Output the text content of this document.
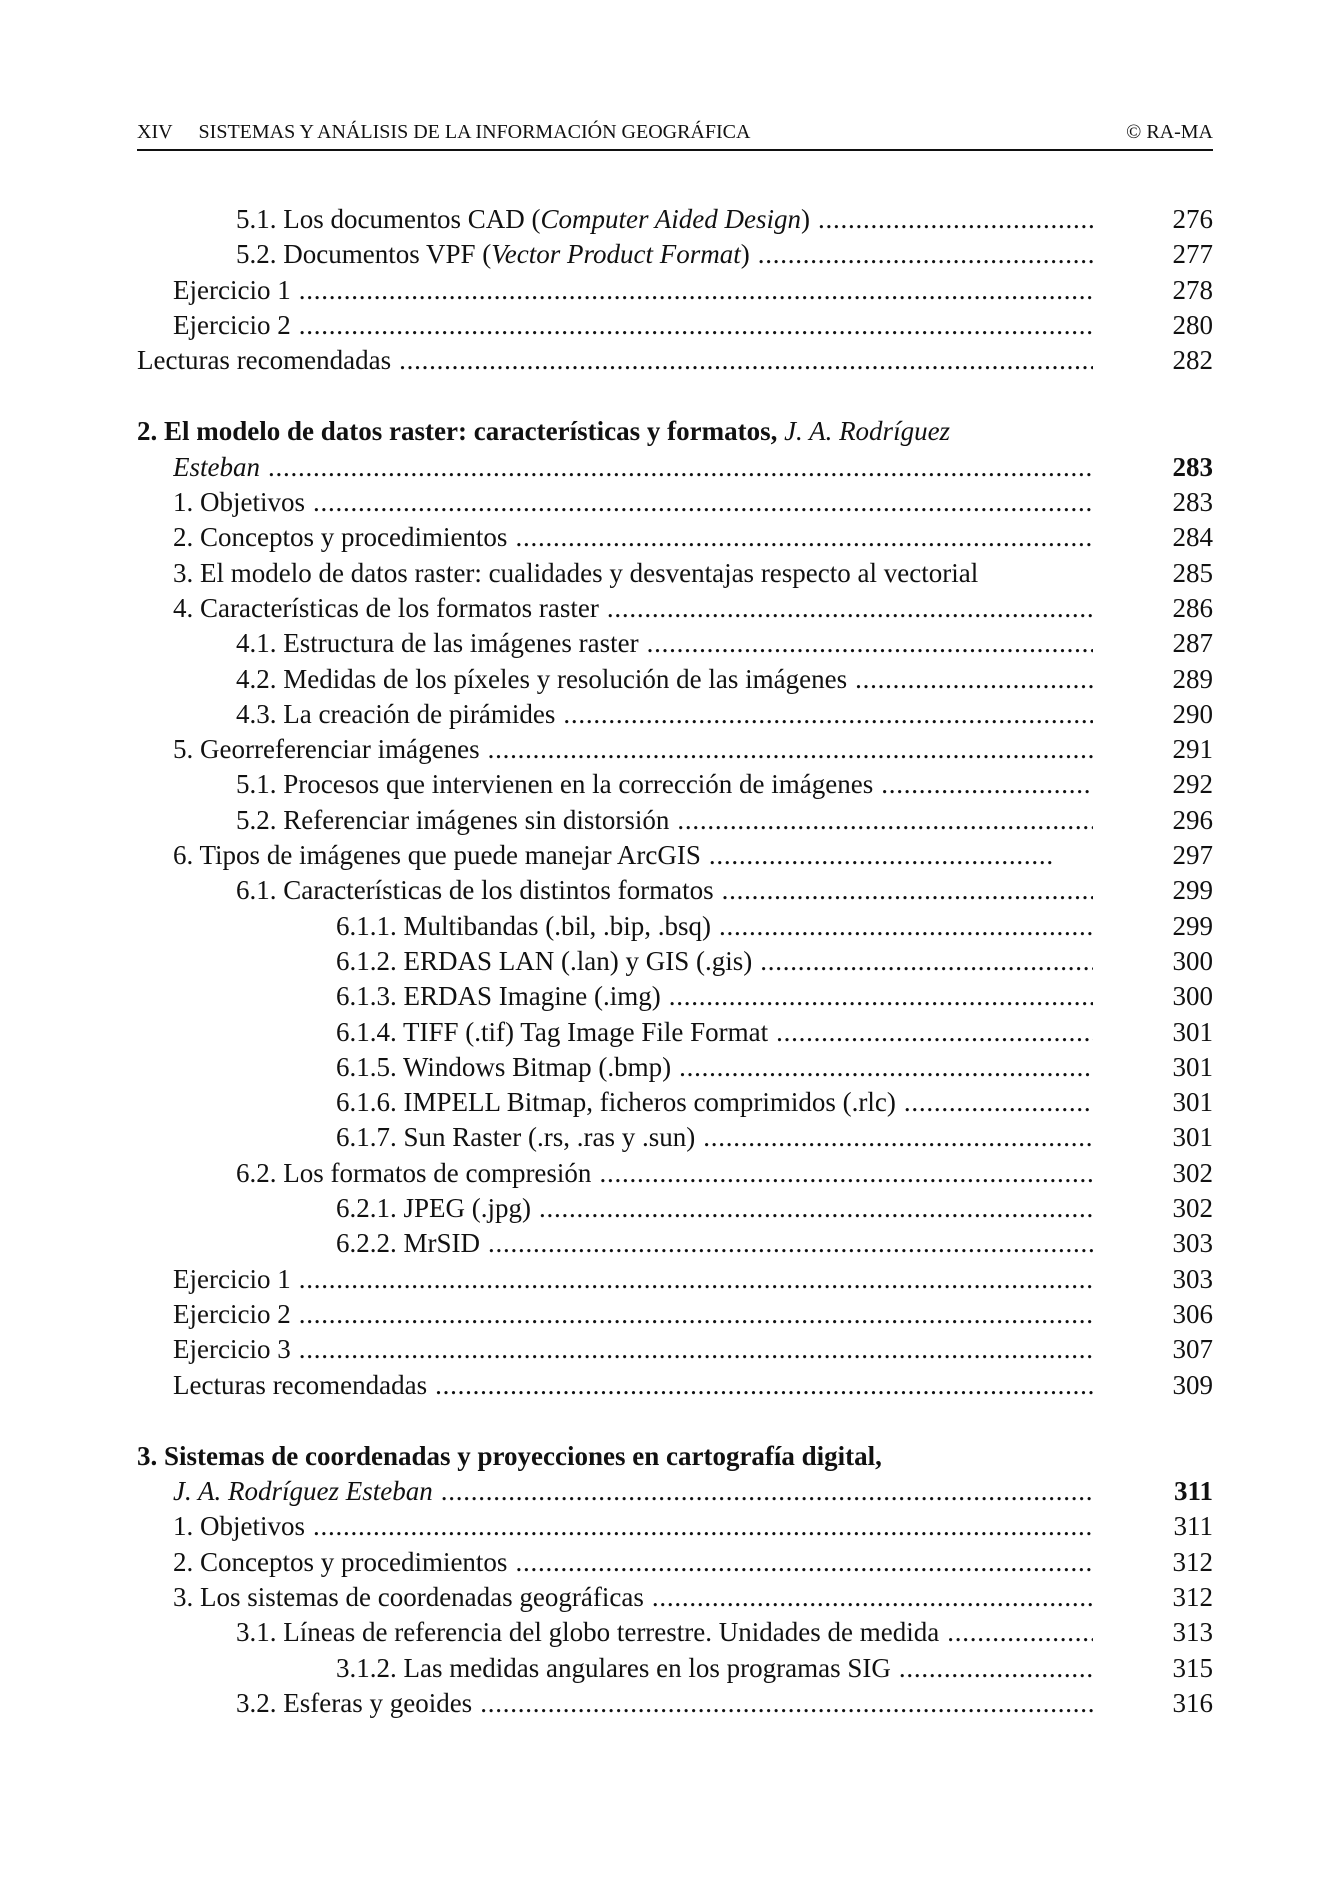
XIV SISTEMAS Y ANÁLISIS DE LA INFORMACIÓN GEOGRÁFICA	© RA-MA
5.1. Los documentos CAD (Computer Aided Design) . . .	276
5.2. Documentos VPF (Vector Product Format) . . .	277
Ejercicio 1 . . .	278
Ejercicio 2 . . .	280
Lecturas recomendadas . . .	282
2. El modelo de datos raster: características y formatos, J. A. Rodríguez
Esteban . . .	283
1. Objetivos . . .	283
2. Conceptos y procedimientos . . .	284
3. El modelo de datos raster: cualidades y desventajas respecto al vectorial	285
4. Características de los formatos raster . . .	286
4.1. Estructura de las imágenes raster . . .	287
4.2. Medidas de los píxeles y resolución de las imágenes . . .	289
4.3. La creación de pirámides . . .	290
5. Georreferenciar imágenes . . .	291
5.1. Procesos que intervienen en la corrección de imágenes . . .	292
5.2. Referenciar imágenes sin distorsión . . .	296
6. Tipos de imágenes que puede manejar ArcGIS . . .	297
6.1. Características de los distintos formatos . . .	299
6.1.1. Multibandas (.bil, .bip, .bsq) . . .	299
6.1.2. ERDAS LAN (.lan) y GIS (.gis) . . .	300
6.1.3. ERDAS Imagine (.img) . . .	300
6.1.4. TIFF (.tif) Tag Image File Format . . .	301
6.1.5. Windows Bitmap (.bmp) . . .	301
6.1.6. IMPELL Bitmap, ficheros comprimidos (.rlc) . . .	301
6.1.7. Sun Raster (.rs, .ras y .sun) . . .	301
6.2. Los formatos de compresión . . .	302
6.2.1. JPEG (.jpg) . . .	302
6.2.2. MrSID . . .	303
Ejercicio 1 . . .	303
Ejercicio 2 . . .	306
Ejercicio 3 . . .	307
Lecturas recomendadas . . .	309
3. Sistemas de coordenadas y proyecciones en cartografía digital,
J. A. Rodríguez Esteban . . .	311
1. Objetivos . . .	311
2. Conceptos y procedimientos . . .	312
3. Los sistemas de coordenadas geográficas . . .	312
3.1. Líneas de referencia del globo terrestre. Unidades de medida . . .	313
3.1.2. Las medidas angulares en los programas SIG . . .	315
3.2. Esferas y geoides . . .	316
